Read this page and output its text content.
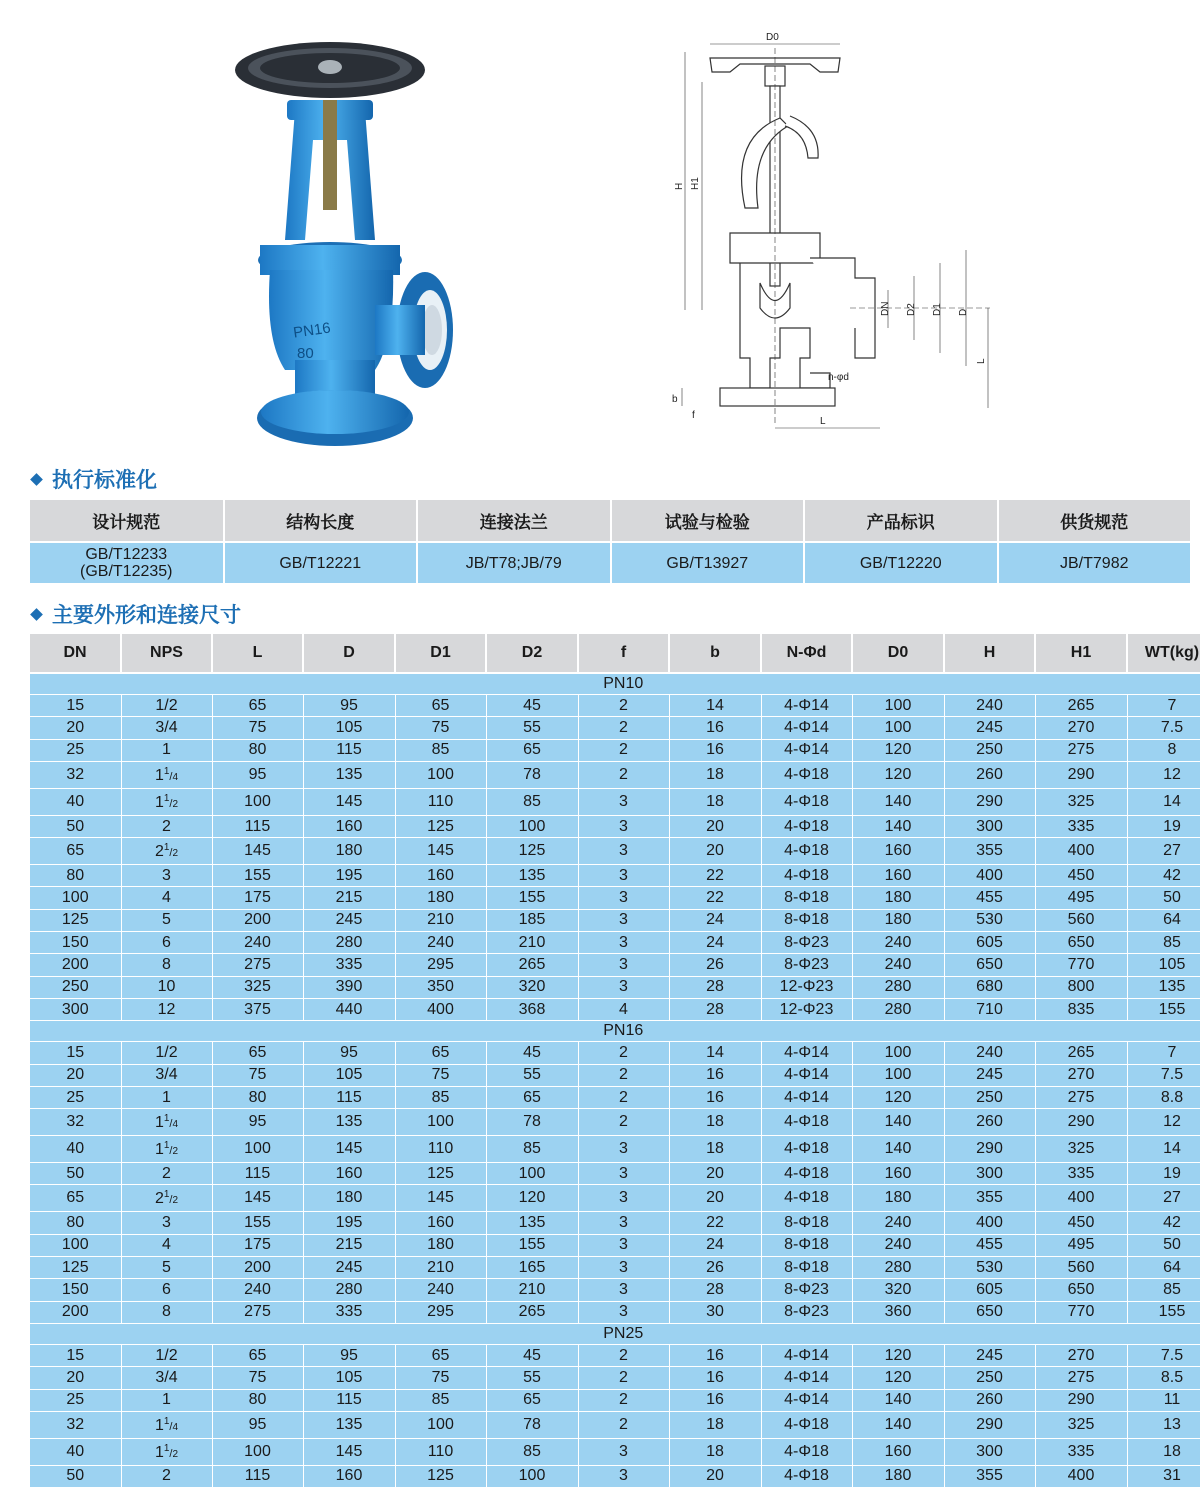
PN16
80
D0
H H1
DN D2 D1 D
L
n-φd
b
f
L
执行标准化
设计规范	结构长度	连接法兰	试验与检验	产品标识	供货规范
GB/T12233
(GB/T12235)	GB/T12221	JB/T78;JB/79	GB/T13927	GB/T12220	JB/T7982
主要外形和连接尺寸
DN	NPS	L	D	D1	D2	f	b	N-Φd	D0	H	H1	WT(kg)
PN10												
15	1/2	65	95	65	45	2	14	4-Φ14	100	240	265	7
20	3/4	75	105	75	55	2	16	4-Φ14	100	245	270	7.5
25	1	80	115	85	65	2	16	4-Φ14	120	250	275	8
32	$1^1/4$	95	135	100	78	2	18	4-Φ18	120	260	290	12
40	$1^1/2$	100	145	110	85	3	18	4-Φ18	140	290	325	14
50	2	115	160	125	100	3	20	4-Φ18	140	300	335	19
65	$2^1/2$	145	180	145	125	3	20	4-Φ18	160	355	400	27
80	3	155	195	160	135	3	22	4-Φ18	160	400	450	42
100	4	175	215	180	155	3	22	8-Φ18	180	455	495	50
125	5	200	245	210	185	3	24	8-Φ18	180	530	560	64
150	6	240	280	240	210	3	24	8-Φ23	240	605	650	85
200	8	275	335	295	265	3	26	8-Φ23	240	650	770	105
250	10	325	390	350	320	3	28	12-Φ23	280	680	800	135
300	12	375	440	400	368	4	28	12-Φ23	280	710	835	155
PN16												
15	1/2	65	95	65	45	2	14	4-Φ14	100	240	265	7
20	3/4	75	105	75	55	2	16	4-Φ14	100	245	270	7.5
25	1	80	115	85	65	2	16	4-Φ14	120	250	275	8.8
32	$1^1/4$	95	135	100	78	2	18	4-Φ18	140	260	290	12
40	$1^1/2$	100	145	110	85	3	18	4-Φ18	140	290	325	14
50	2	115	160	125	100	3	20	4-Φ18	160	300	335	19
65	$2^1/2$	145	180	145	120	3	20	4-Φ18	180	355	400	27
80	3	155	195	160	135	3	22	8-Φ18	240	400	450	42
100	4	175	215	180	155	3	24	8-Φ18	240	455	495	50
125	5	200	245	210	165	3	26	8-Φ18	280	530	560	64
150	6	240	280	240	210	3	28	8-Φ23	320	605	650	85
200	8	275	335	295	265	3	30	8-Φ23	360	650	770	155
PN25												
15	1/2	65	95	65	45	2	16	4-Φ14	120	245	270	7.5
20	3/4	75	105	75	55	2	16	4-Φ14	120	250	275	8.5
25	1	80	115	85	65	2	16	4-Φ14	140	260	290	11
32	$1^1/4$	95	135	100	78	2	18	4-Φ18	140	290	325	13
40	$1^1/2$	100	145	110	85	3	18	4-Φ18	160	300	335	18
50	2	115	160	125	100	3	20	4-Φ18	180	355	400	31
